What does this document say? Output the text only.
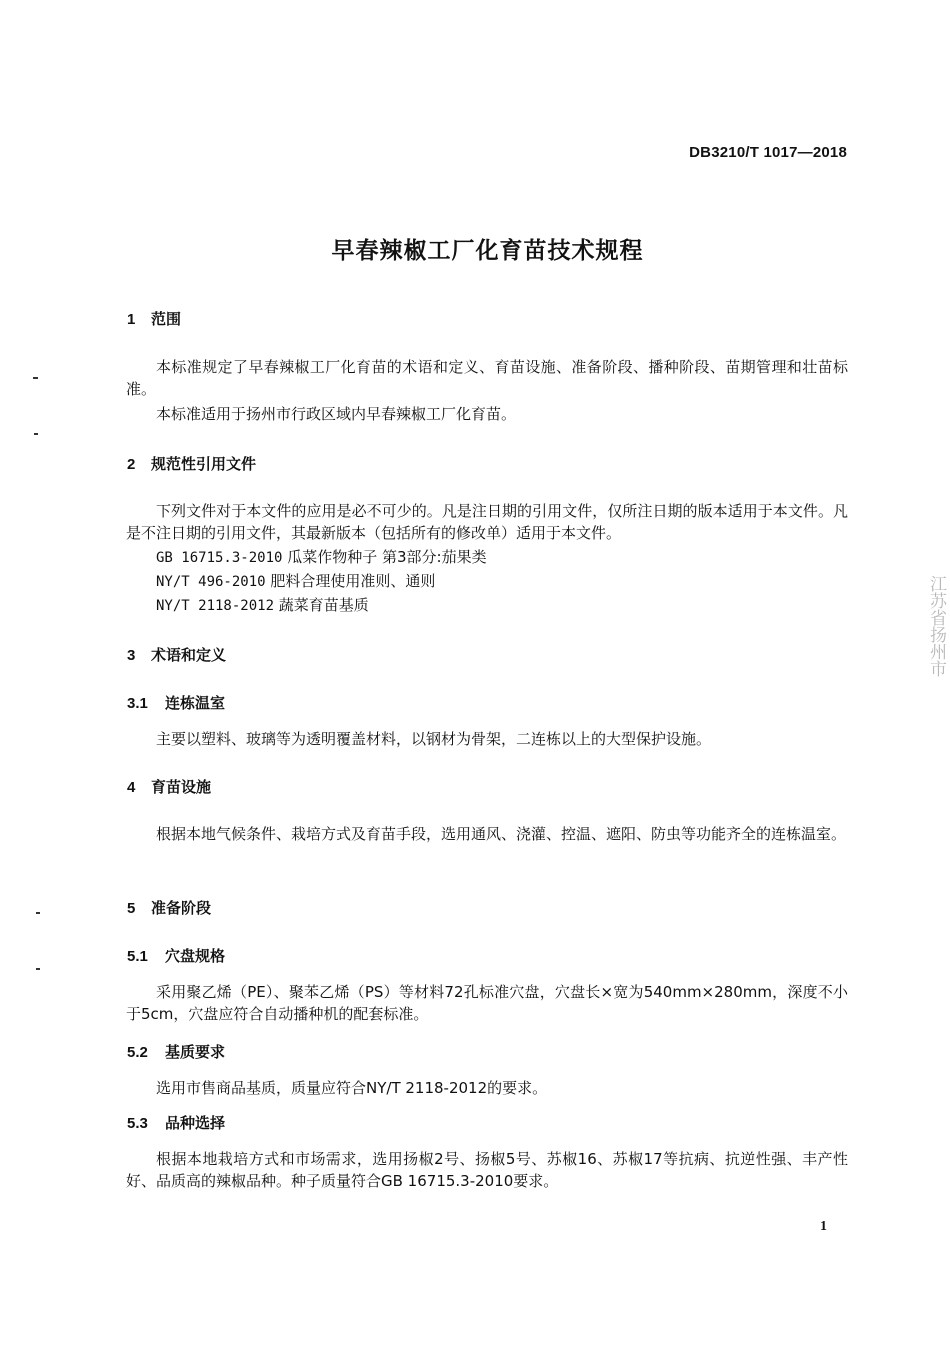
DB3210/T 1017—2018
早春辣椒工厂化育苗技术规程
1 范围
本标准规定了早春辣椒工厂化育苗的术语和定义、育苗设施、准备阶段、播种阶段、苗期管理和壮苗标准。
本标准适用于扬州市行政区域内早春辣椒工厂化育苗。
2 规范性引用文件
下列文件对于本文件的应用是必不可少的。凡是注日期的引用文件，仅所注日期的版本适用于本文件。凡是不注日期的引用文件，其最新版本（包括所有的修改单）适用于本文件。
GB 16715.3-2010 瓜菜作物种子 第3部分:茄果类
NY/T 496-2010 肥料合理使用准则、通则
NY/T 2118-2012 蔬菜育苗基质
3 术语和定义
3.1 连栋温室
主要以塑料、玻璃等为透明覆盖材料，以钢材为骨架，二连栋以上的大型保护设施。
4 育苗设施
根据本地气候条件、栽培方式及育苗手段，选用通风、浇灌、控温、遮阳、防虫等功能齐全的连栋温室。
5 准备阶段
5.1 穴盘规格
采用聚乙烯（PE）、聚苯乙烯（PS）等材料72孔标准穴盘，穴盘长×宽为540mm×280mm，深度不小于5cm，穴盘应符合自动播种机的配套标准。
5.2 基质要求
选用市售商品基质，质量应符合NY/T 2118-2012的要求。
5.3 品种选择
根据本地栽培方式和市场需求，选用扬椒2号、扬椒5号、苏椒16、苏椒17等抗病、抗逆性强、丰产性好、品质高的辣椒品种。种子质量符合GB 16715.3-2010要求。
1
江苏省扬州市
